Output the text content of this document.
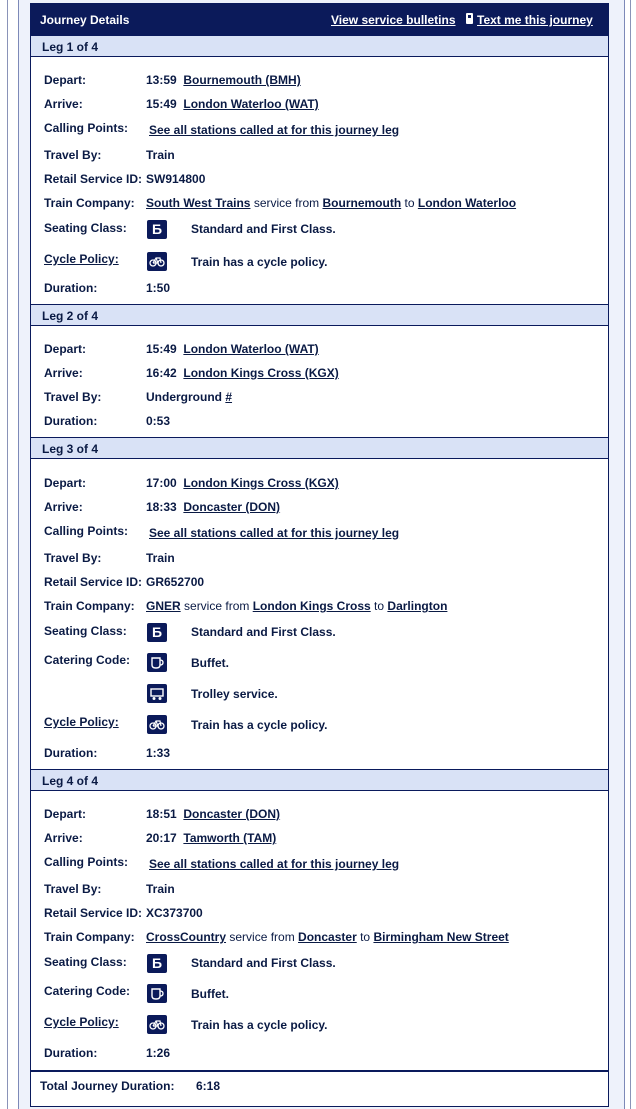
Journey Details	View service bulletins Text me this journey
Leg 1 of 4
Depart:	13:59 Bournemouth (BMH)
Arrive:	15:49 London Waterloo (WAT)
Calling Points: See all stations called at for this journey leg
Travel By:	Train
Retail Service ID: SW914800
Train Company: South West Trains service from Bournemouth to London Waterloo
Seating Class:	Б	Standard and First Class.
Cycle Policy:	Train has a cycle policy.
Duration:	1:50
Leg 2 of 4
Depart:	15:49 London Waterloo (WAT)
Arrive:	16:42 London Kings Cross (KGX)
Travel By:	Underground #
Duration:	0:53
Leg 3 of 4
Depart:	17:00 London Kings Cross (KGX)
Arrive:	18:33 Doncaster (DON)
Calling Points: See all stations called at for this journey leg
Travel By:	Train
Retail Service ID: GR652700
Train Company: GNER service from London Kings Cross to Darlington
Seating Class:	Б	Standard and First Class.
Catering Code:	Buffet.
Trolley service.
Cycle Policy:	Train has a cycle policy.
Duration:	1:33
Leg 4 of 4
Depart:	18:51 Doncaster (DON)
Arrive:	20:17 Tamworth (TAM)
Calling Points: See all stations called at for this journey leg
Travel By:	Train
Retail Service ID: XC373700
Train Company: CrossCountry service from Doncaster to Birmingham New Street
Seating Class:	Б	Standard and First Class.
Catering Code:	Buffet.
Cycle Policy:	Train has a cycle policy.
Duration:	1:26
Total Journey Duration: 6:18
